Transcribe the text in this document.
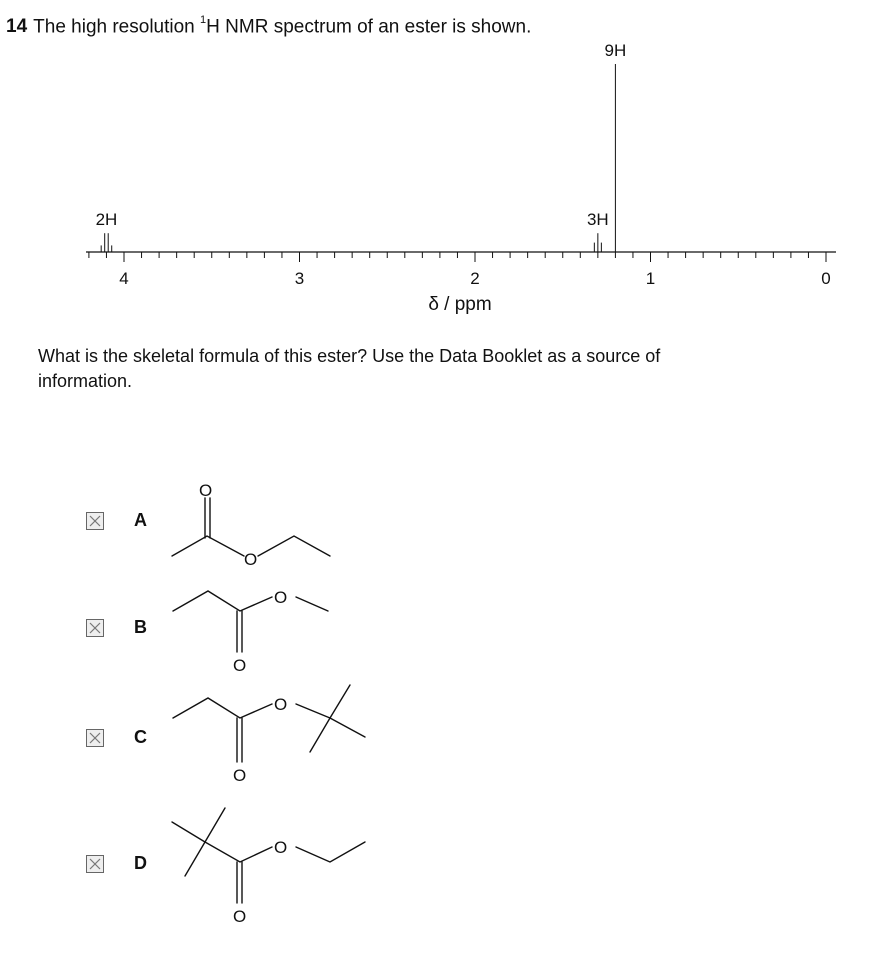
14 The high resolution $^1$H NMR spectrum of an ester is shown.
4	3	2	1	0
2H	3H
9H
δ / ppm
What is the skeletal formula of this ester? Use the Data Booklet as a source of information.
A
B
C
D
O
O
O
O
O
O
O
O
